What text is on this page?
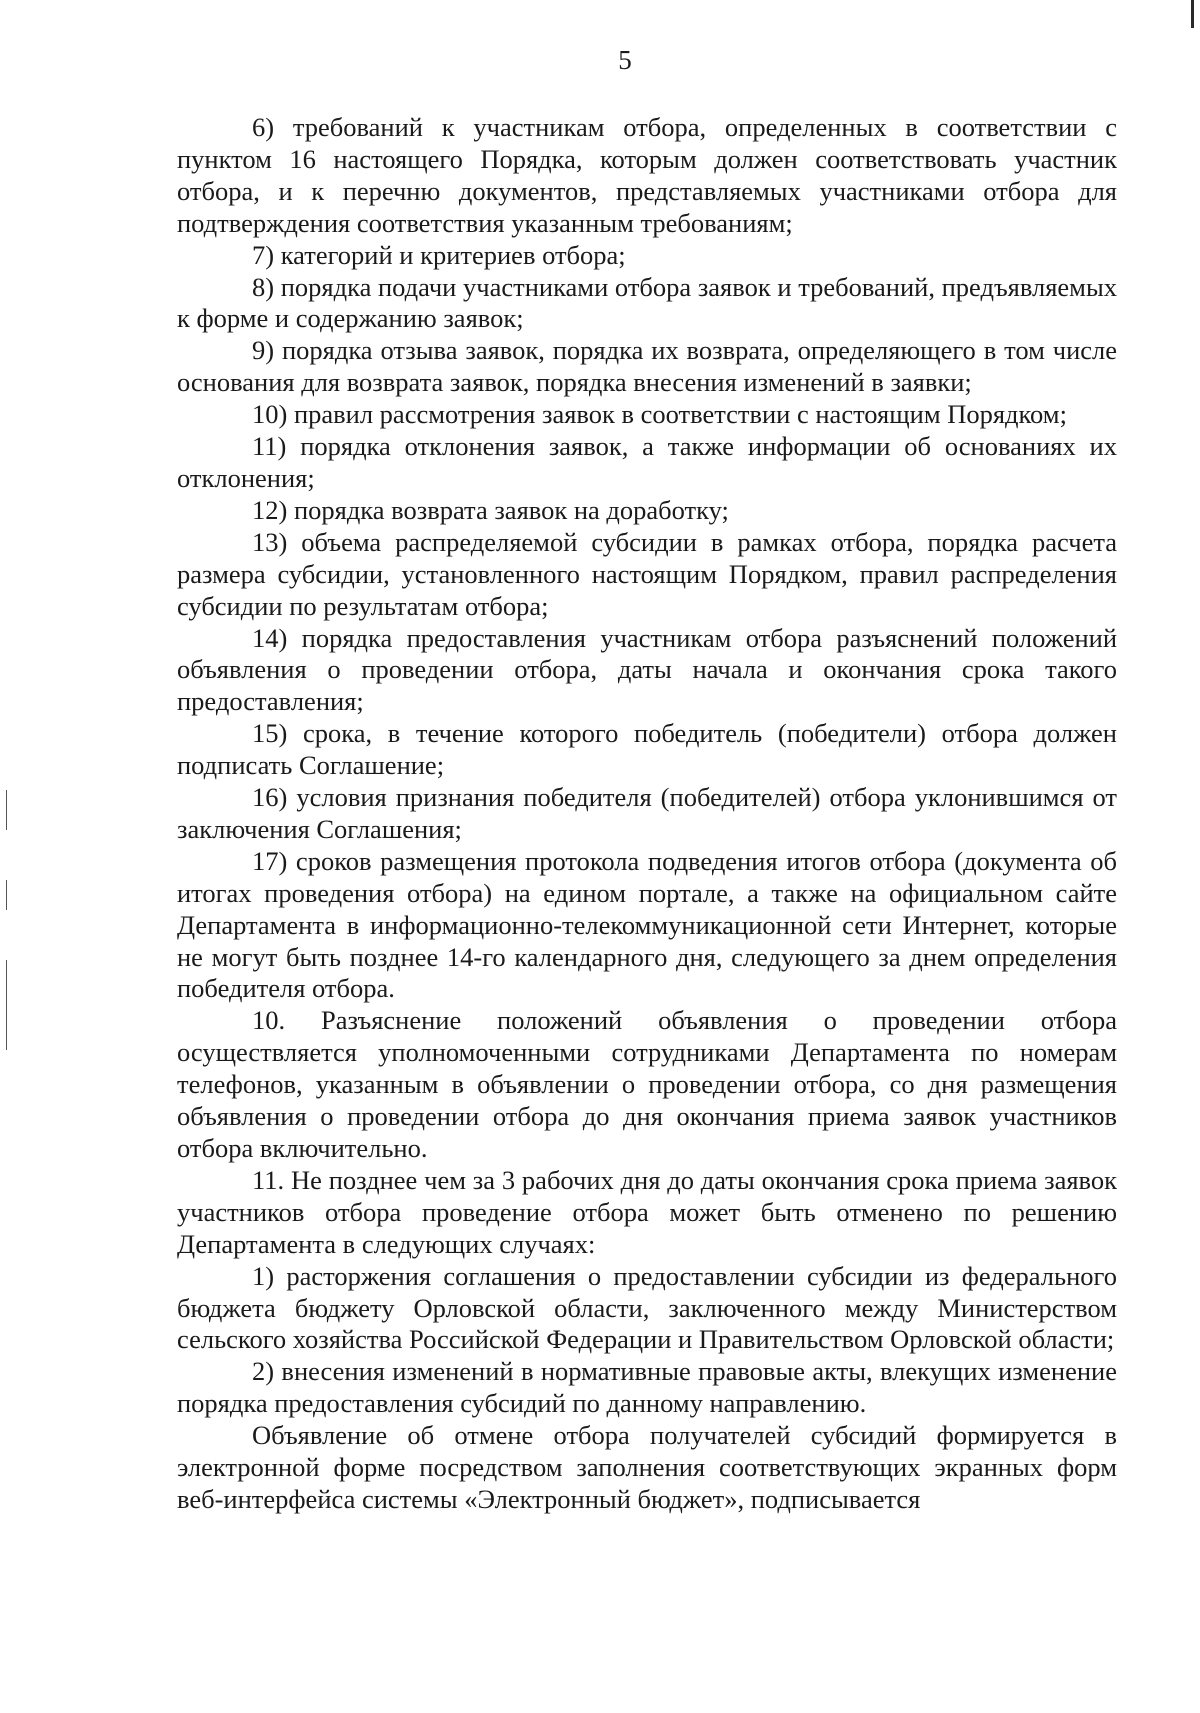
5

6) требований к участникам отбора, определенных в соответствии с пунктом 16 настоящего Порядка, которым должен соответствовать участник отбора, и к перечню документов, представляемых участниками отбора для подтверждения соответствия указанным требованиям;

7) категорий и критериев отбора;

8) порядка подачи участниками отбора заявок и требований, предъявляемых к форме и содержанию заявок;

9) порядка отзыва заявок, порядка их возврата, определяющего в том числе основания для возврата заявок, порядка внесения изменений в заявки;

10) правил рассмотрения заявок в соответствии с настоящим Порядком;

11) порядка отклонения заявок, а также информации об основаниях их отклонения;

12) порядка возврата заявок на доработку;

13) объема распределяемой субсидии в рамках отбора, порядка расчета размера субсидии, установленного настоящим Порядком, правил распределения субсидии по результатам отбора;

14) порядка предоставления участникам отбора разъяснений положений объявления о проведении отбора, даты начала и окончания срока такого предоставления;

15) срока, в течение которого победитель (победители) отбора должен подписать Соглашение;

16) условия признания победителя (победителей) отбора уклонившимся от заключения Соглашения;

17) сроков размещения протокола подведения итогов отбора (документа об итогах проведения отбора) на едином портале, а также на официальном сайте Департамента в информационно-телекоммуникационной сети Интернет, которые не могут быть позднее 14-го календарного дня, следующего за днем определения победителя отбора.

10. Разъяснение положений объявления о проведении отбора осуществляется уполномоченными сотрудниками Департамента по номерам телефонов, указанным в объявлении о проведении отбора, со дня размещения объявления о проведении отбора до дня окончания приема заявок участников отбора включительно.

11. Не позднее чем за 3 рабочих дня до даты окончания срока приема заявок участников отбора проведение отбора может быть отменено по решению Департамента в следующих случаях:

1) расторжения соглашения о предоставлении субсидии из федерального бюджета бюджету Орловской области, заключенного между Министерством сельского хозяйства Российской Федерации и Правительством Орловской области;

2) внесения изменений в нормативные правовые акты, влекущих изменение порядка предоставления субсидий по данному направлению.

Объявление об отмене отбора получателей субсидий формируется в электронной форме посредством заполнения соответствующих экранных форм веб-интерфейса системы «Электронный бюджет», подписывается
